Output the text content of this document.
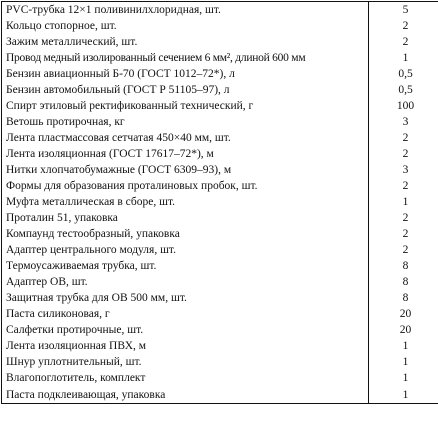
PVC-трубка 12×1 поливинилхлоридная, шт.	5
Кольцо стопорное, шт.	2
Зажим металлический, шт.	2
Провод медный изолированный сечением 6 мм², длиной 600 мм	1
Бензин авиационный Б-70 (ГОСТ 1012–72*), л	0,5
Бензин автомобильный (ГОСТ Р 51105–97), л	0,5
Спирт этиловый ректификованный технический, г	100
Ветошь протирочная, кг	3
Лента пластмассовая сетчатая 450×40 мм, шт.	2
Лента изоляционная (ГОСТ 17617–72*), м	2
Нитки хлопчатобумажные (ГОСТ 6309–93), м	3
Формы для образования проталиновых пробок, шт.	2
Муфта металлическая в сборе, шт.	1
Проталин 51, упаковка	2
Компаунд тестообразный, упаковка	2
Адаптер центрального модуля, шт.	2
Термоусаживаемая трубка, шт.	8
Адаптер ОВ, шт.	8
Защитная трубка для ОВ 500 мм, шт.	8
Паста силиконовая, г	20
Салфетки протирочные, шт.	20
Лента изоляционная ПВХ, м	1
Шнур уплотнительный, шт.	1
Влагопоглотитель, комплект	1
Паста подклеивающая, упаковка	1
